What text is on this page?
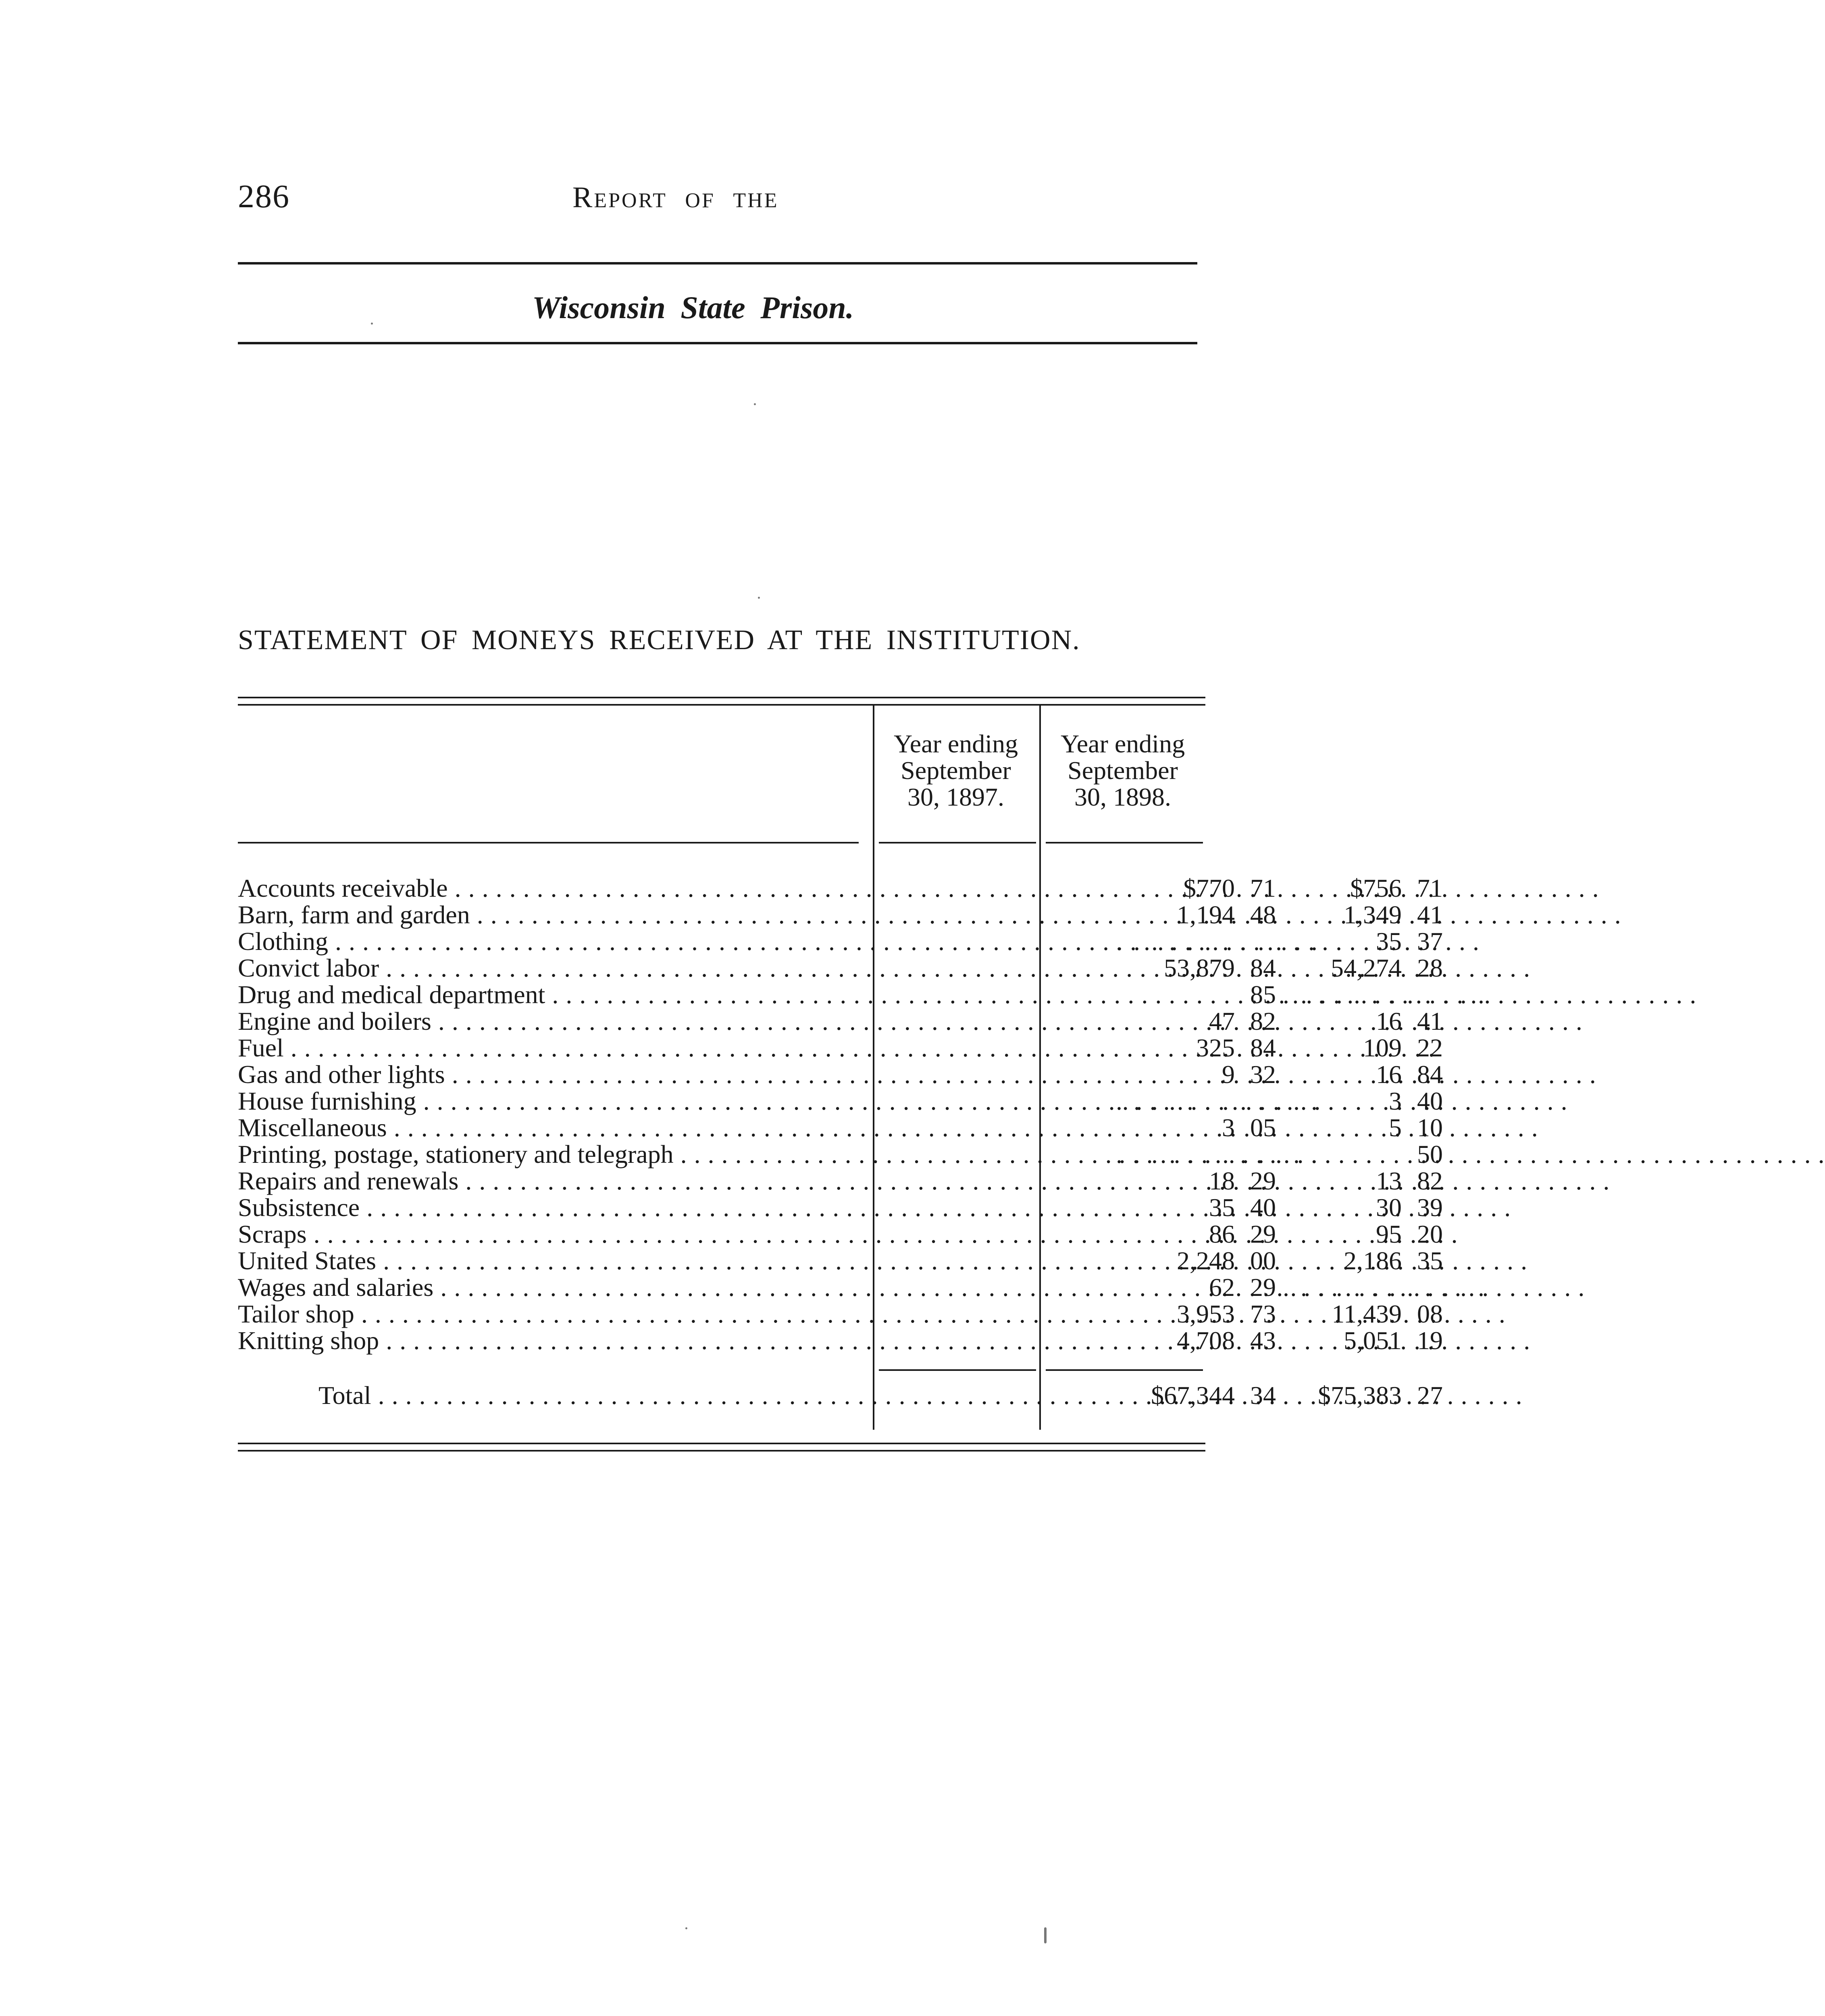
286	Report of the
Wisconsin State Prison.
STATEMENT OF MONEYS RECEIVED AT THE INSTITUTION.
Year ending
September
30, 1897.
Year ending
September
30, 1898.
Accounts receivable . . .	$770 71	$756 71
Barn, farm and garden . . .	1,194 48	1,349 41
Clothing . . .	. . . . . . . . . . . .	35 37
Convict labor . . .	53,879 84	54,274 28
Drug and medical department . . .	85 . . . . . . . . . . . .
Engine and boilers . . .	47 82	16 41
Fuel . . .	325 84	109 22
Gas and other lights . . .	9 32	16 84
House furnishing . . .	. . . . . . . . . . . .	3 40
Miscellaneous . . .	3 05	5 10
Printing, postage, stationery and telegraph . . .	. . . . . . . . . . . .	50
Repairs and renewals . . .	18 29	13 82
Subsistence . . .	35 40	30 39
Scraps . . .	86 29	95 20
United States . . .	2,248 00	2,186 35
Wages and salaries . . .	62 29 . . . . . . . . . . . .
Tailor shop . . .	3,953 73	11,439 08
Knitting shop . . .	4,708 43	5,051 19
Total . . .	$67,344 34	$75,383 27
